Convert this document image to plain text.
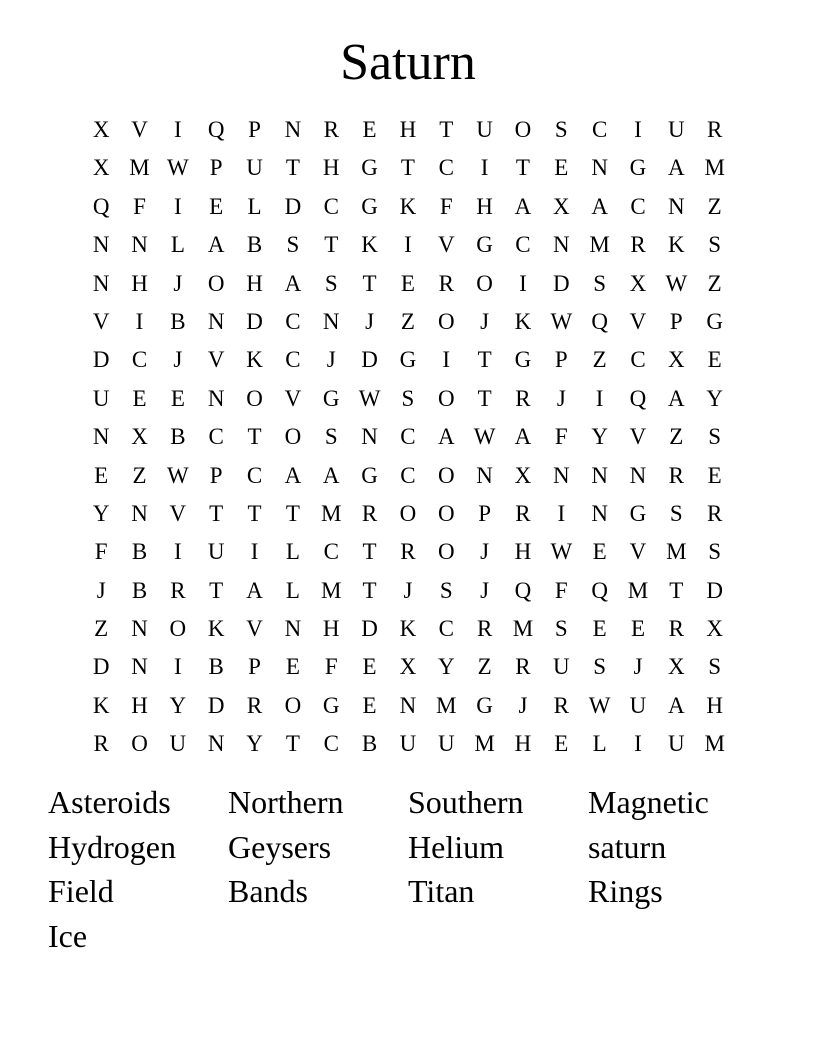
Saturn
X V	I	Q	P	N R	E	H	T	U O	S	C	I	U R
X M W P	U	T	H G	T	C	I	T	E	N G A M
Q	F	I	E	L	D C G K	F	H A X A C N	Z
N N	L	A B	S	T	K	I	V G C N M R K	S
N H	J	O H A	S	T	E	R O	I	D	S	X W Z
V	I	B N D C N	J	Z	O	J	K W Q V	P	G
D C	J	V K C	J	D G	I	T	G	P	Z	C X	E
U	E	E	N O V G W S	O	T	R	J	I	Q A Y
N X B	C	T	O	S	N C A W A	F	Y V	Z	S
E	Z W P	C A A G C O N X N N N R	E
Y N V	T	T	T M R O O	P	R	I	N G	S	R
F	B	I	U	I	L	C	T	R O	J	H W E	V M S
J	B	R	T	A	L M T	J	S	J	Q	F	Q M T	D
Z	N O K V N H D K C	R M S	E	E	R X
D N	I	B	P	E	F	E	X Y	Z	R U	S	J	X	S
K H Y D R O G	E	N M G	J	R W U A H
R O U N Y	T	C	B U U M H	E	L	I	U M
Asteroids	Northern	Southern	Magnetic
Hydrogen	Geysers	Helium	saturn
Field	Bands	Titan	Rings
Ice
